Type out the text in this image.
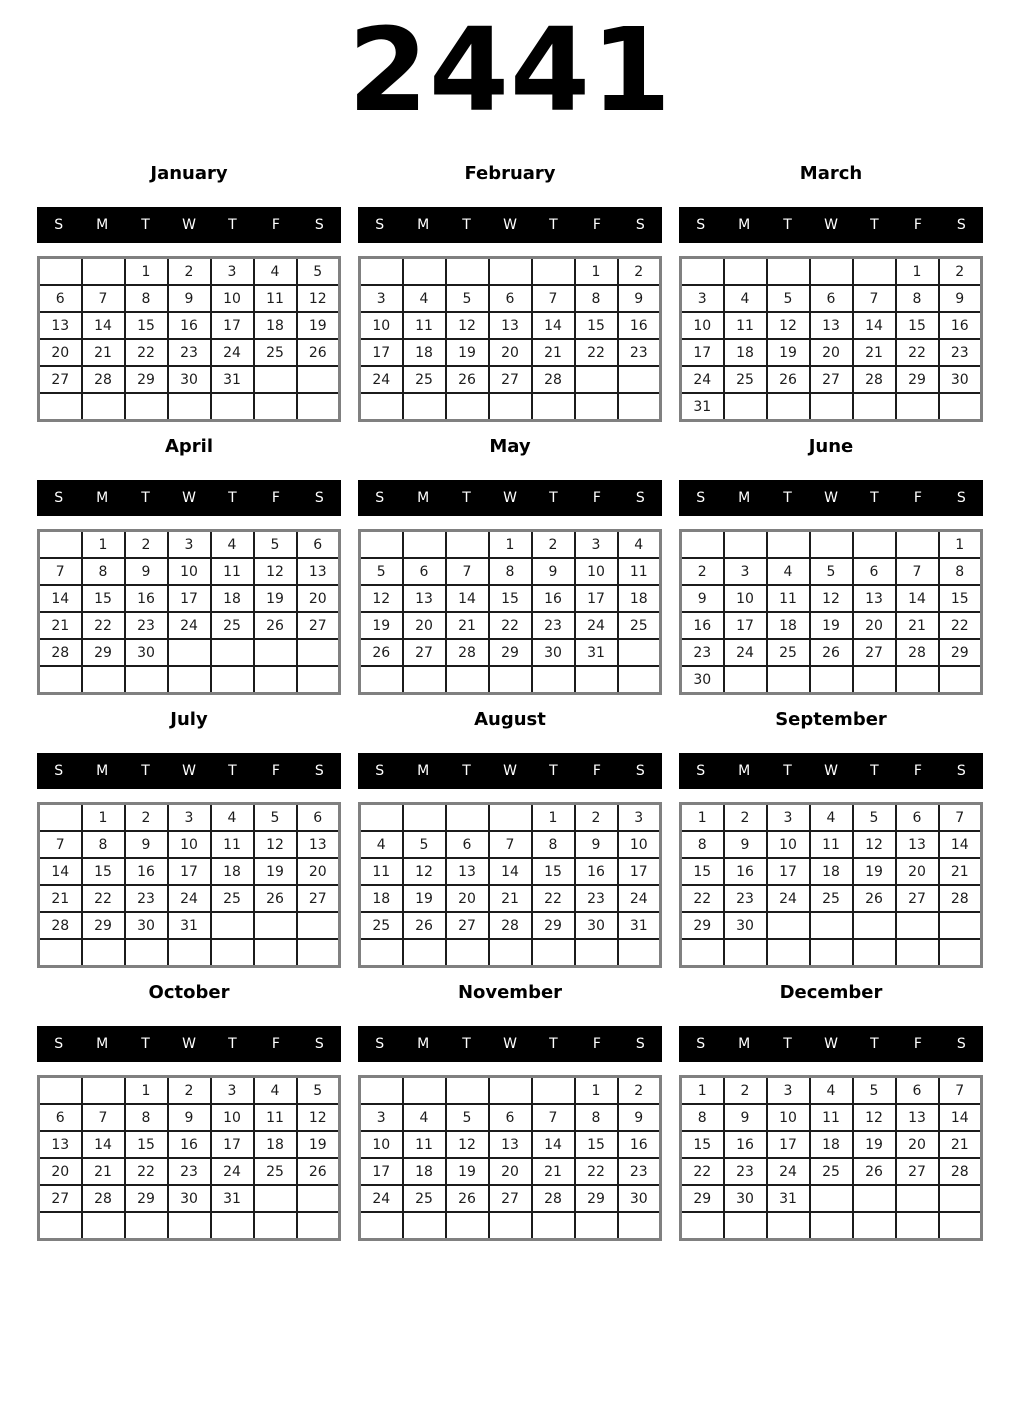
2441
January
S	M	T	W	T	F	S
		1	2	3	4	5
6	7	8	9	10	11	12
13	14	15	16	17	18	19
20	21	22	23	24	25	26
27	28	29	30	31		

February
S	M	T	W	T	F	S
					1	2
3	4	5	6	7	8	9
10	11	12	13	14	15	16
17	18	19	20	21	22	23
24	25	26	27	28		

March
S	M	T	W	T	F	S
					1	2
3	4	5	6	7	8	9
10	11	12	13	14	15	16
17	18	19	20	21	22	23
24	25	26	27	28	29	30
31						
April
S	M	T	W	T	F	S
	1	2	3	4	5	6
7	8	9	10	11	12	13
14	15	16	17	18	19	20
21	22	23	24	25	26	27
28	29	30				

May
S	M	T	W	T	F	S
			1	2	3	4
5	6	7	8	9	10	11
12	13	14	15	16	17	18
19	20	21	22	23	24	25
26	27	28	29	30	31	

June
S	M	T	W	T	F	S
						1
2	3	4	5	6	7	8
9	10	11	12	13	14	15
16	17	18	19	20	21	22
23	24	25	26	27	28	29
30						
July
S	M	T	W	T	F	S
	1	2	3	4	5	6
7	8	9	10	11	12	13
14	15	16	17	18	19	20
21	22	23	24	25	26	27
28	29	30	31			

August
S	M	T	W	T	F	S
				1	2	3
4	5	6	7	8	9	10
11	12	13	14	15	16	17
18	19	20	21	22	23	24
25	26	27	28	29	30	31

September
S	M	T	W	T	F	S
1	2	3	4	5	6	7
8	9	10	11	12	13	14
15	16	17	18	19	20	21
22	23	24	25	26	27	28
29	30					

October
S	M	T	W	T	F	S
		1	2	3	4	5
6	7	8	9	10	11	12
13	14	15	16	17	18	19
20	21	22	23	24	25	26
27	28	29	30	31		

November
S	M	T	W	T	F	S
					1	2
3	4	5	6	7	8	9
10	11	12	13	14	15	16
17	18	19	20	21	22	23
24	25	26	27	28	29	30

December
S	M	T	W	T	F	S
1	2	3	4	5	6	7
8	9	10	11	12	13	14
15	16	17	18	19	20	21
22	23	24	25	26	27	28
29	30	31				
